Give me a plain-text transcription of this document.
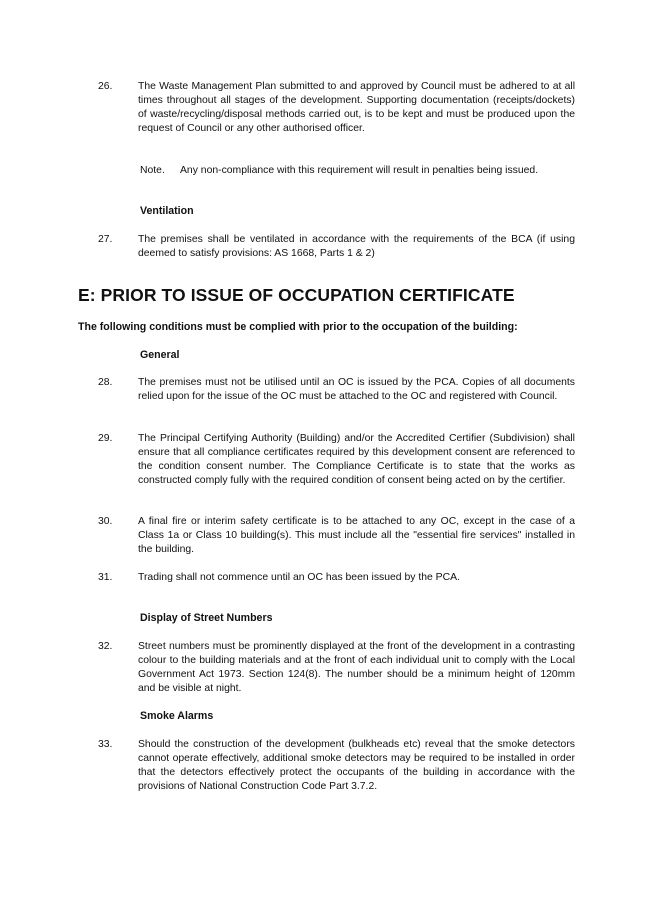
26.	The Waste Management Plan submitted to and approved by Council must be adhered to at all times throughout all stages of the development. Supporting documentation (receipts/dockets) of waste/recycling/disposal methods carried out, is to be kept and must be produced upon the request of Council or any other authorised officer.
Note. Any non-compliance with this requirement will result in penalties being issued.
Ventilation
27.	The premises shall be ventilated in accordance with the requirements of the BCA (if using deemed to satisfy provisions: AS 1668, Parts 1 & 2)
E: PRIOR TO ISSUE OF OCCUPATION CERTIFICATE
The following conditions must be complied with prior to the occupation of the building:
General
28.	The premises must not be utilised until an OC is issued by the PCA. Copies of all documents relied upon for the issue of the OC must be attached to the OC and registered with Council.
29.	The Principal Certifying Authority (Building) and/or the Accredited Certifier (Subdivision) shall ensure that all compliance certificates required by this development consent are referenced to the condition consent number. The Compliance Certificate is to state that the works as constructed comply fully with the required condition of consent being acted on by the certifier.
30.	A final fire or interim safety certificate is to be attached to any OC, except in the case of a Class 1a or Class 10 building(s). This must include all the "essential fire services" installed in the building.
31.	Trading shall not commence until an OC has been issued by the PCA.
Display of Street Numbers
32.	Street numbers must be prominently displayed at the front of the development in a contrasting colour to the building materials and at the front of each individual unit to comply with the Local Government Act 1973. Section 124(8). The number should be a minimum height of 120mm and be visible at night.
Smoke Alarms
33.	Should the construction of the development (bulkheads etc) reveal that the smoke detectors cannot operate effectively, additional smoke detectors may be required to be installed in order that the detectors effectively protect the occupants of the building in accordance with the provisions of National Construction Code Part 3.7.2.
